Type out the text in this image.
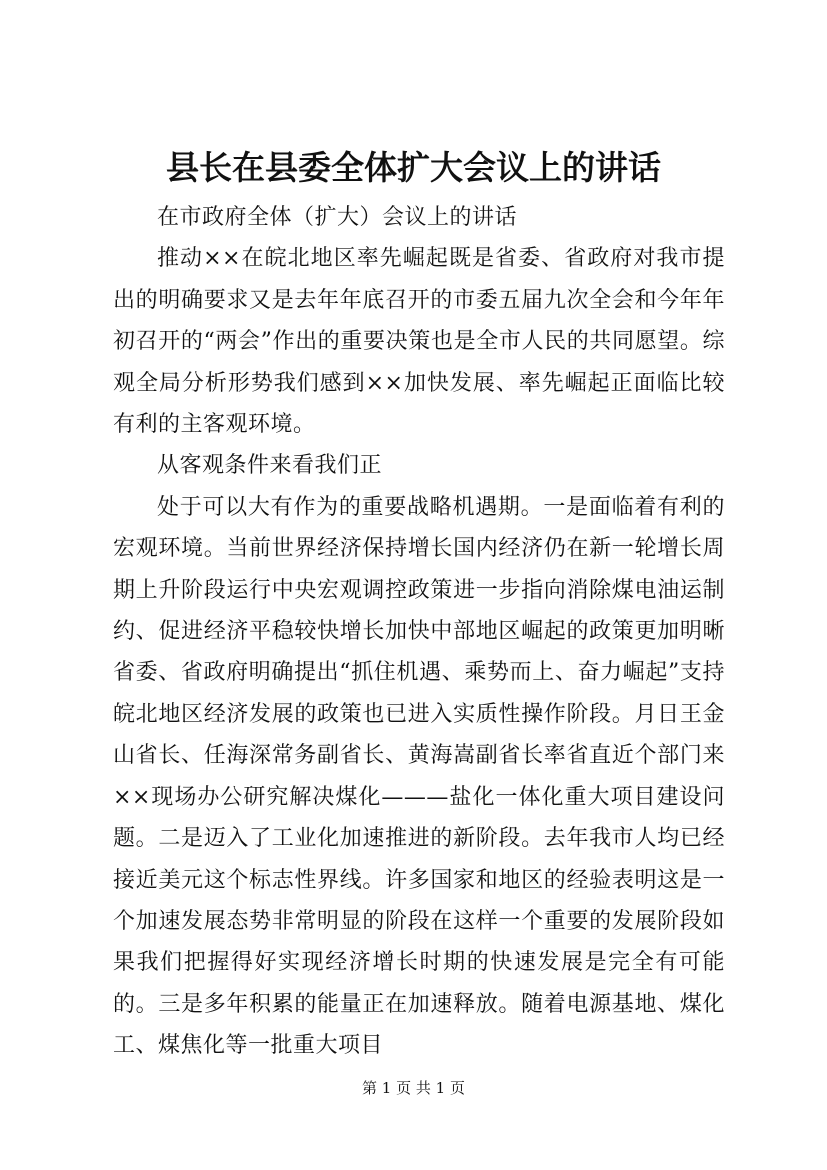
县长在县委全体扩大会议上的讲话

在市政府全体（扩大）会议上的讲话

推动××在皖北地区率先崛起既是省委、省政府对我市提出的明确要求又是去年年底召开的市委五届九次全会和今年年初召开的“两会”作出的重要决策也是全市人民的共同愿望。综观全局分析形势我们感到××加快发展、率先崛起正面临比较有利的主客观环境。

从客观条件来看我们正

处于可以大有作为的重要战略机遇期。一是面临着有利的宏观环境。当前世界经济保持增长国内经济仍在新一轮增长周期上升阶段运行中央宏观调控政策进一步指向消除煤电油运制约、促进经济平稳较快增长加快中部地区崛起的政策更加明晰省委、省政府明确提出“抓住机遇、乘势而上、奋力崛起”支持皖北地区经济发展的政策也已进入实质性操作阶段。月日王金山省长、任海深常务副省长、黄海嵩副省长率省直近个部门来××现场办公研究解决煤化———盐化一体化重大项目建设问题。二是迈入了工业化加速推进的新阶段。去年我市人均已经接近美元这个标志性界线。许多国家和地区的经验表明这是一个加速发展态势非常明显的阶段在这样一个重要的发展阶段如果我们把握得好实现经济增长时期的快速发展是完全有可能的。三是多年积累的能量正在加速释放。随着电源基地、煤化工、煤焦化等一批重大项目

第 1 页 共 1 页
